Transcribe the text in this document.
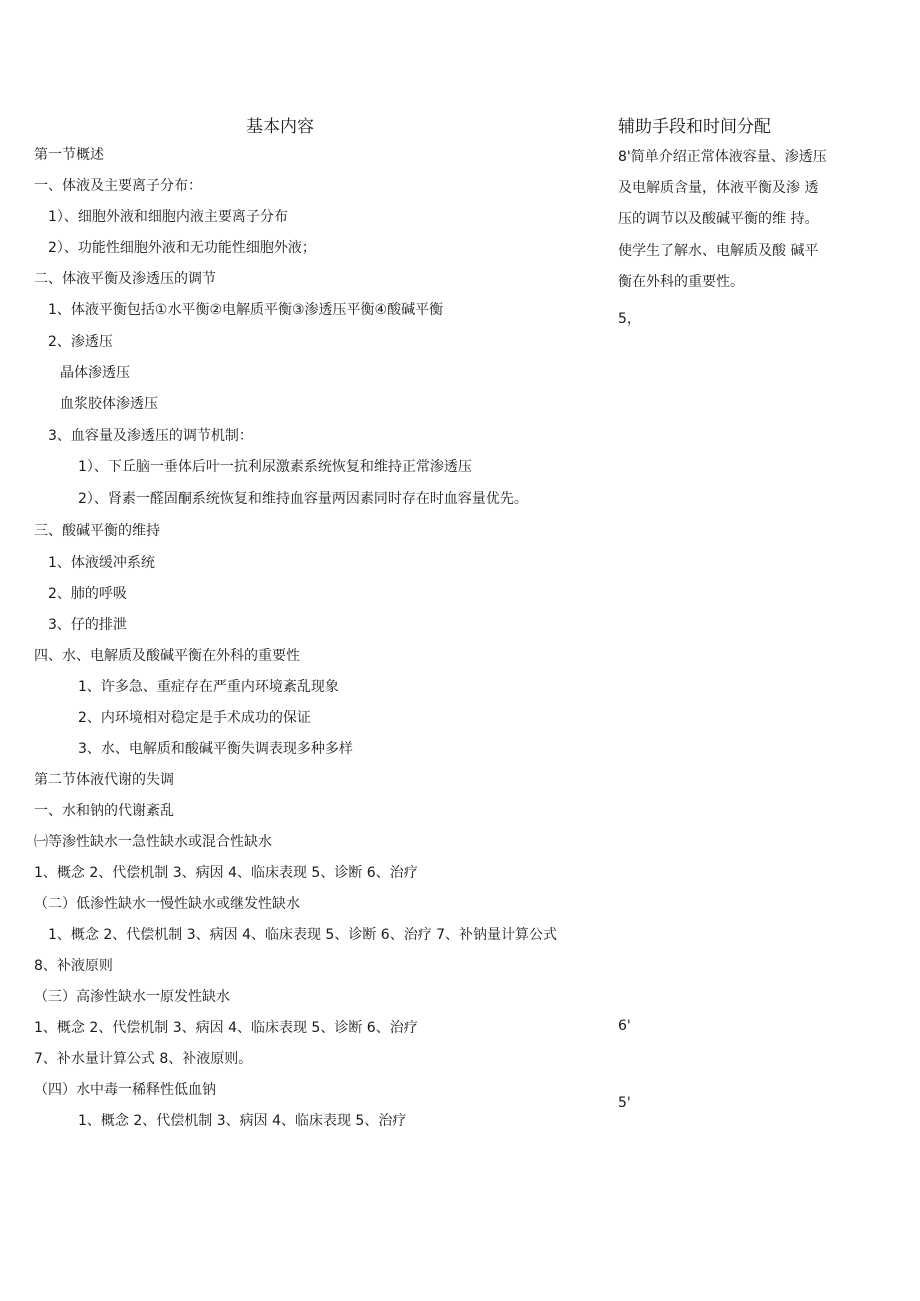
基本内容	辅助手段和时间分配
第一节概述
一、体液及主要离子分布：
1）、细胞外液和细胞内液主要离子分布
2）、功能性细胞外液和无功能性细胞外液；
二、体液平衡及渗透压的调节
1、体液平衡包括①水平衡②电解质平衡③渗透压平衡④酸碱平衡
2、渗透压
晶体渗透压
血浆胶体渗透压
3、血容量及渗透压的调节机制：
1）、下丘脑一垂体后叶一抗利尿激素系统恢复和维持正常渗透压
2）、肾素一醛固酮系统恢复和维持血容量两因素同时存在时血容量优先。
三、酸碱平衡的维持
1、体液缓冲系统
2、肺的呼吸
3、仔的排泄
四、水、电解质及酸碱平衡在外科的重要性
1、许多急、重症存在严重内环境紊乱现象
2、内环境相对稳定是手术成功的保证
3、水、电解质和酸碱平衡失调表现多种多样
第二节体液代谢的失调
一、水和钠的代谢紊乱
㈠等渗性缺水一急性缺水或混合性缺水
1、概念 2、代偿机制 3、病因 4、临床表现 5、诊断 6、治疗
（二）低渗性缺水一慢性缺水或继发性缺水
1、概念 2、代偿机制 3、病因 4、临床表现 5、诊断 6、治疗 7、补钠量计算公式
8、补液原则
（三）高渗性缺水一原发性缺水
1、概念 2、代偿机制 3、病因 4、临床表现 5、诊断 6、治疗
7、补水量计算公式 8、补液原则。
（四）水中毒一稀释性低血钠
1、概念 2、代偿机制 3、病因 4、临床表现 5、治疗
8'简单介绍正常体液容量、渗透压
及电解质含量，体液平衡及渗 透
压的调节以及酸碱平衡的维 持。
使学生了解水、电解质及酸 碱平
衡在外科的重要性。
5，
6'
5'
